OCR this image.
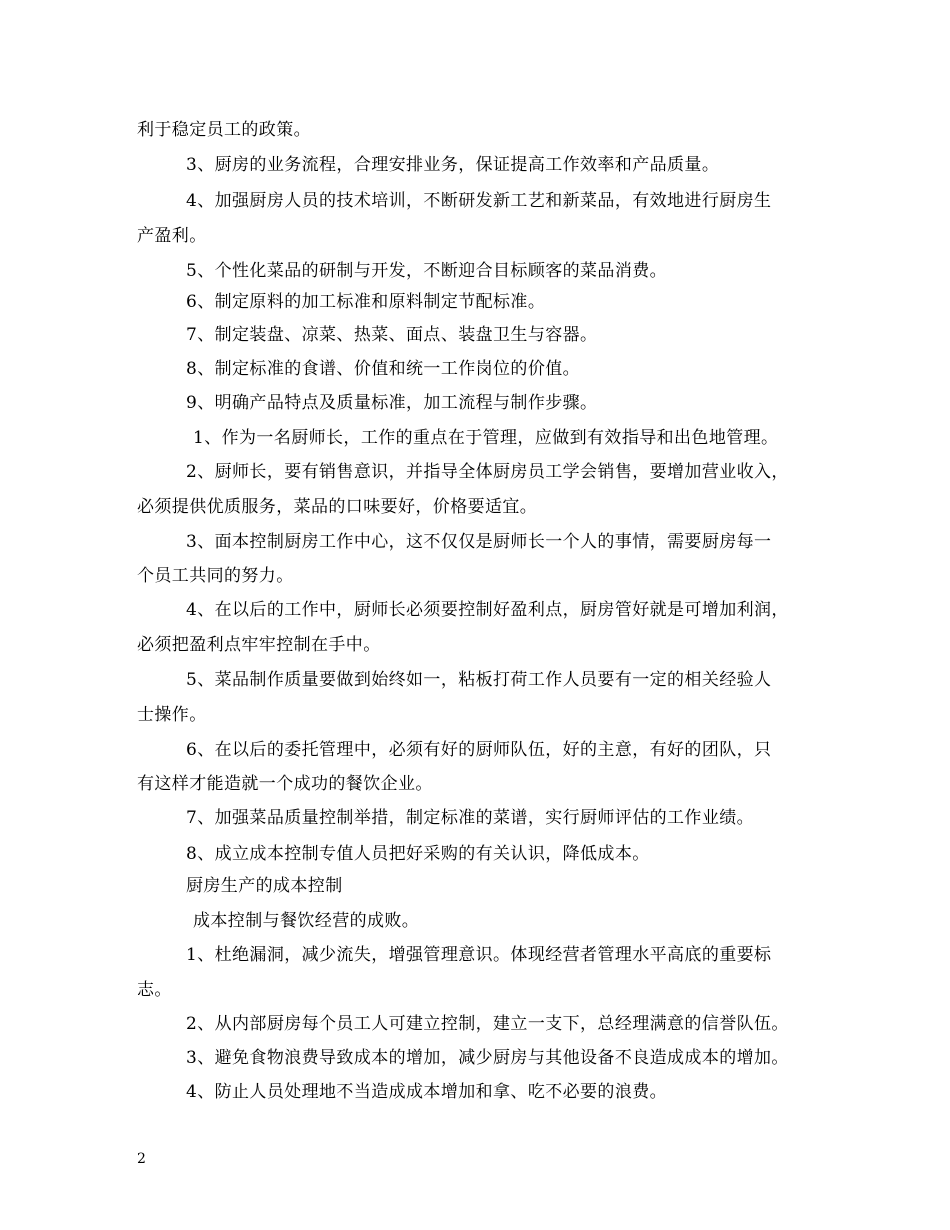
利于稳定员工的政策。
3、厨房的业务流程，合理安排业务，保证提高工作效率和产品质量。
4、加强厨房人员的技术培训，不断研发新工艺和新菜品，有效地进行厨房生
产盈利。
5、个性化菜品的研制与开发，不断迎合目标顾客的菜品消费。
6、制定原料的加工标准和原料制定节配标准。
7、制定装盘、凉菜、热菜、面点、装盘卫生与容器。
8、制定标准的食谱、价值和统一工作岗位的价值。
9、明确产品特点及质量标准，加工流程与制作步骤。
1、作为一名厨师长，工作的重点在于管理，应做到有效指导和出色地管理。
2、厨师长，要有销售意识，并指导全体厨房员工学会销售，要增加营业收入，
必须提供优质服务，菜品的口味要好，价格要适宜。
3、面本控制厨房工作中心，这不仅仅是厨师长一个人的事情，需要厨房每一
个员工共同的努力。
4、在以后的工作中，厨师长必须要控制好盈利点，厨房管好就是可增加利润，
必须把盈利点牢牢控制在手中。
5、菜品制作质量要做到始终如一，粘板打荷工作人员要有一定的相关经验人
士操作。
6、在以后的委托管理中，必须有好的厨师队伍，好的主意，有好的团队，只
有这样才能造就一个成功的餐饮企业。
7、加强菜品质量控制举措，制定标准的菜谱，实行厨师评估的工作业绩。
8、成立成本控制专值人员把好采购的有关认识，降低成本。
厨房生产的成本控制
成本控制与餐饮经营的成败。
1、杜绝漏洞，减少流失，增强管理意识。体现经营者管理水平高底的重要标
志。
2、从内部厨房每个员工人可建立控制，建立一支下，总经理满意的信誉队伍。
3、避免食物浪费导致成本的增加，减少厨房与其他设备不良造成成本的增加。
4、防止人员处理地不当造成成本增加和拿、吃不必要的浪费。
2
